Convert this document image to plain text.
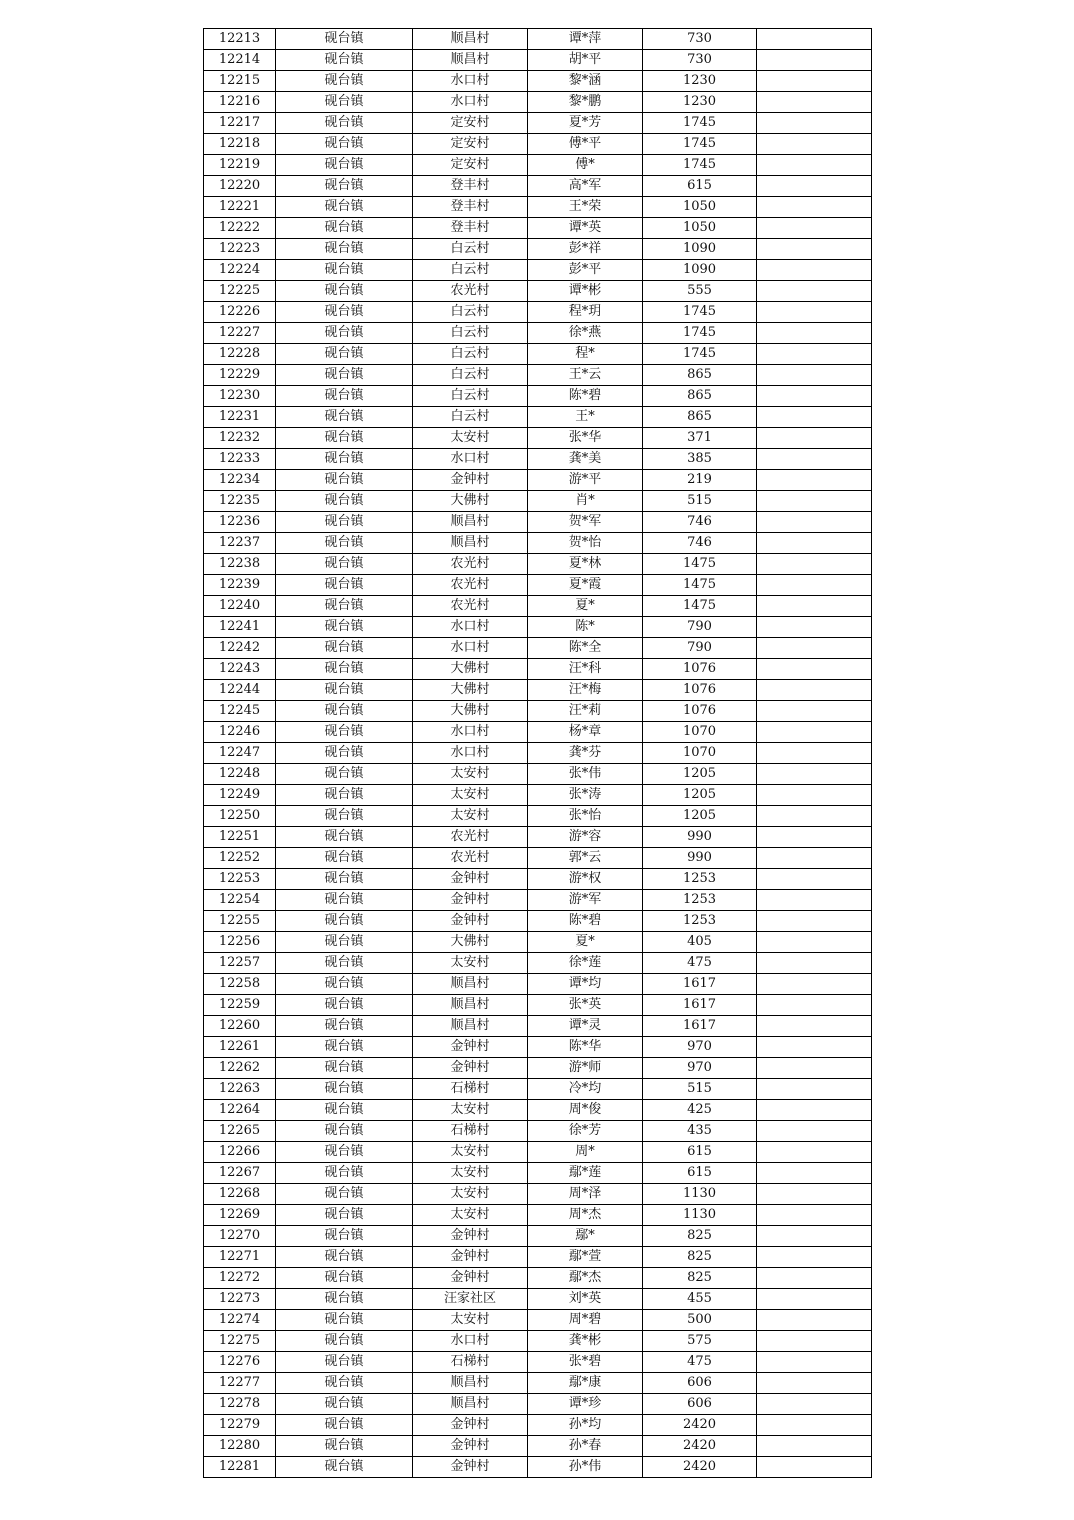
12213	砚台镇	顺昌村	谭*萍	730	
12214	砚台镇	顺昌村	胡*平	730	
12215	砚台镇	水口村	黎*涵	1230	
12216	砚台镇	水口村	黎*鹏	1230	
12217	砚台镇	定安村	夏*芳	1745	
12218	砚台镇	定安村	傅*平	1745	
12219	砚台镇	定安村	傅*	1745	
12220	砚台镇	登丰村	高*军	615	
12221	砚台镇	登丰村	王*荣	1050	
12222	砚台镇	登丰村	谭*英	1050	
12223	砚台镇	白云村	彭*祥	1090	
12224	砚台镇	白云村	彭*平	1090	
12225	砚台镇	农光村	谭*彬	555	
12226	砚台镇	白云村	程*玥	1745	
12227	砚台镇	白云村	徐*燕	1745	
12228	砚台镇	白云村	程*	1745	
12229	砚台镇	白云村	王*云	865	
12230	砚台镇	白云村	陈*碧	865	
12231	砚台镇	白云村	王*	865	
12232	砚台镇	太安村	张*华	371	
12233	砚台镇	水口村	龚*美	385	
12234	砚台镇	金钟村	游*平	219	
12235	砚台镇	大佛村	肖*	515	
12236	砚台镇	顺昌村	贺*军	746	
12237	砚台镇	顺昌村	贺*怡	746	
12238	砚台镇	农光村	夏*林	1475	
12239	砚台镇	农光村	夏*霞	1475	
12240	砚台镇	农光村	夏*	1475	
12241	砚台镇	水口村	陈*	790	
12242	砚台镇	水口村	陈*全	790	
12243	砚台镇	大佛村	汪*科	1076	
12244	砚台镇	大佛村	汪*梅	1076	
12245	砚台镇	大佛村	汪*莉	1076	
12246	砚台镇	水口村	杨*章	1070	
12247	砚台镇	水口村	龚*芬	1070	
12248	砚台镇	太安村	张*伟	1205	
12249	砚台镇	太安村	张*涛	1205	
12250	砚台镇	太安村	张*怡	1205	
12251	砚台镇	农光村	游*容	990	
12252	砚台镇	农光村	郭*云	990	
12253	砚台镇	金钟村	游*权	1253	
12254	砚台镇	金钟村	游*军	1253	
12255	砚台镇	金钟村	陈*碧	1253	
12256	砚台镇	大佛村	夏*	405	
12257	砚台镇	太安村	徐*莲	475	
12258	砚台镇	顺昌村	谭*均	1617	
12259	砚台镇	顺昌村	张*英	1617	
12260	砚台镇	顺昌村	谭*灵	1617	
12261	砚台镇	金钟村	陈*华	970	
12262	砚台镇	金钟村	游*师	970	
12263	砚台镇	石梯村	冷*均	515	
12264	砚台镇	太安村	周*俊	425	
12265	砚台镇	石梯村	徐*芳	435	
12266	砚台镇	太安村	周*	615	
12267	砚台镇	太安村	鄢*莲	615	
12268	砚台镇	太安村	周*泽	1130	
12269	砚台镇	太安村	周*杰	1130	
12270	砚台镇	金钟村	鄢*	825	
12271	砚台镇	金钟村	鄢*萱	825	
12272	砚台镇	金钟村	鄢*杰	825	
12273	砚台镇	汪家社区	刘*英	455	
12274	砚台镇	太安村	周*碧	500	
12275	砚台镇	水口村	龚*彬	575	
12276	砚台镇	石梯村	张*碧	475	
12277	砚台镇	顺昌村	鄢*康	606	
12278	砚台镇	顺昌村	谭*珍	606	
12279	砚台镇	金钟村	孙*均	2420	
12280	砚台镇	金钟村	孙*春	2420	
12281	砚台镇	金钟村	孙*伟	2420	
